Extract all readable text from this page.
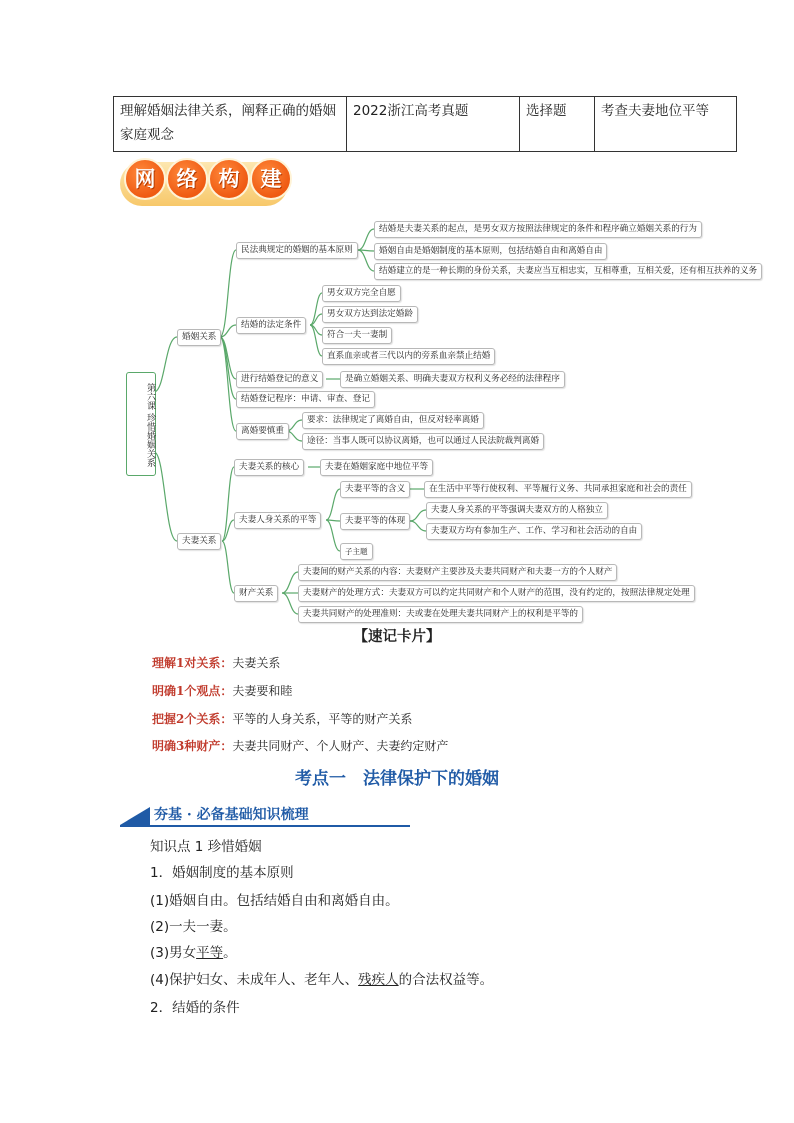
理解婚姻法律关系，阐释正确的婚姻家庭观念	2022浙江高考真题	选择题	考查夫妻地位平等
网	络	构	建
第六课 珍惜婚姻关系
婚姻关系
夫妻关系
民法典规定的婚姻的基本原则
结婚是夫妻关系的起点，是男女双方按照法律规定的条件和程序确立婚姻关系的行为
婚姻自由是婚姻制度的基本原则，包括结婚自由和离婚自由
结婚建立的是一种长期的身份关系，夫妻应当互相忠实，互相尊重，互相关爱，还有相互扶养的义务
结婚的法定条件
男女双方完全自愿
男女双方达到法定婚龄
符合一夫一妻制
直系血亲或者三代以内的旁系血亲禁止结婚
进行结婚登记的意义	是确立婚姻关系、明确夫妻双方权利义务必经的法律程序
结婚登记程序：申请、审查、登记
离婚要慎重
要求：法律规定了离婚自由，但反对轻率离婚
途径：当事人既可以协议离婚，也可以通过人民法院裁判离婚
夫妻关系的核心	夫妻在婚姻家庭中地位平等
夫妻人身关系的平等
夫妻平等的含义	在生活中平等行使权利、平等履行义务、共同承担家庭和社会的责任
夫妻平等的体现
夫妻人身关系的平等强调夫妻双方的人格独立
夫妻双方均有参加生产、工作、学习和社会活动的自由
子主题
财产关系
夫妻间的财产关系的内容：夫妻财产主要涉及夫妻共同财产和夫妻一方的个人财产
夫妻财产的处理方式：夫妻双方可以约定共同财产和个人财产的范围，没有约定的，按照法律规定处理
夫妻共同财产的处理准则：夫或妻在处理夫妻共同财产上的权利是平等的
【速记卡片】
理解1对关系：夫妻关系
明确1个观点：夫妻要和睦
把握2个关系：平等的人身关系，平等的财产关系
明确3种财产：夫妻共同财产、个人财产、夫妻约定财产
考点一　法律保护下的婚姻
夯基 · 必备基础知识梳理
知识点 1 珍惜婚姻
1．婚姻制度的基本原则
(1)婚姻自由。包括结婚自由和离婚自由。
(2)一夫一妻。
(3)男女平等。
(4)保护妇女、未成年人、老年人、残疾人的合法权益等。
2．结婚的条件
